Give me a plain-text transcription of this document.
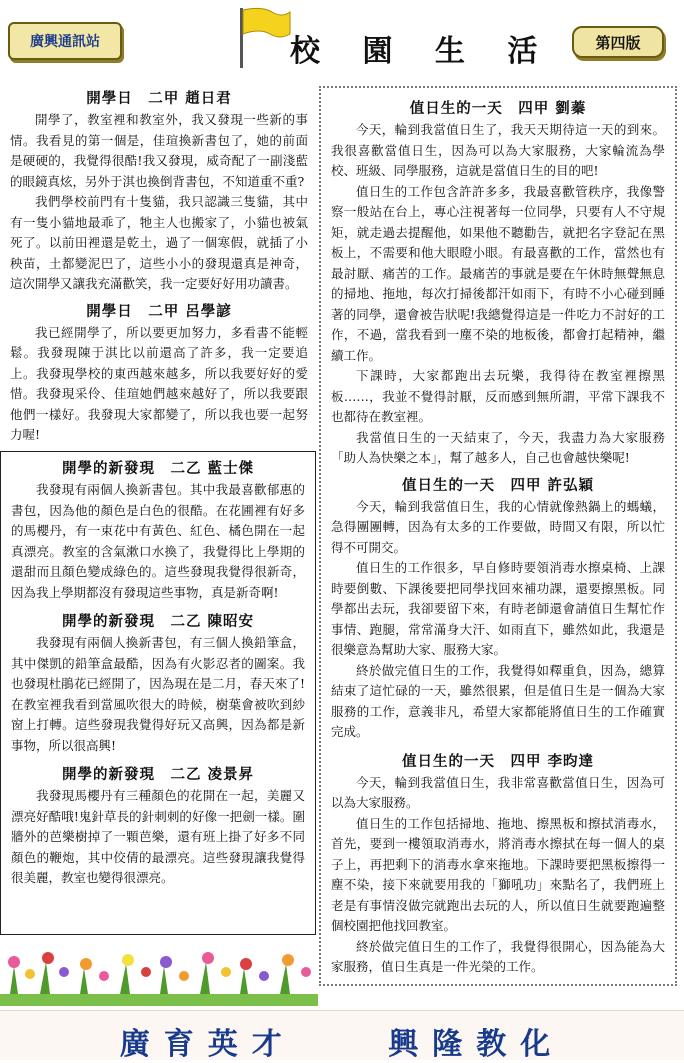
廣興通訊站	校 園 生 活	第四版
開學日　二甲 趙日君

開學了，教室裡和教室外，我又發現一些新的事情。我看見的第一個是，佳瑄換新書包了，她的前面是硬硬的，我覺得很酷!我又發現，威奇配了一副淺藍的眼鏡真炫，另外于淇也換倒背書包，不知道重不重?

我們學校前門有十隻貓，我只認識三隻貓，其中有一隻小貓地最乖了，牠主人也搬家了，小貓也被氣死了。以前田裡還是乾土，過了一個寒假，就插了小秧苗，土都變泥巴了，這些小小的發現還真是神奇，這次開學又讓我充滿歡笑，我一定要好好用功讀書。

開學日　二甲 呂學諺

我已經開學了，所以要更加努力，多看書不能輕鬆。我發現陳于淇比以前還高了許多，我一定要追上。我發現學校的東西越來越多，所以我要好好的愛惜。我發現采伶、佳瑄她們越來越好了，所以我要跟他們一樣好。我發現大家都變了，所以我也要一起努力喔!

開學的新發現　二乙 藍士傑

我發現有兩個人換新書包。其中我最喜歡郁惠的書包，因為他的顏色是白色的很酷。在花圃裡有好多的馬櫻丹，有一束花中有黃色、紅色、橘色開在一起真漂亮。教室的含氣漱口水換了，我覺得比上學期的還甜而且顏色變成綠色的。這些發現我覺得很新奇，因為我上學期都沒有發現這些事物，真是新奇啊!

開學的新發現　二乙 陳昭安

我發現有兩個人換新書包，有三個人換鉛筆盒，其中傑凱的鉛筆盒最酷，因為有火影忍者的圖案。我也發現杜鵑花已經開了，因為現在是二月，春天來了!在教室裡我看到當風吹很大的時候，樹葉會被吹到紗窗上打轉。這些發現我覺得好玩又高興，因為都是新事物，所以很高興!

開學的新發現　二乙 凌景昇

我發現馬櫻丹有三種顏色的花開在一起，美麗又漂亮好酷哦!鬼針草長的針刺刺的好像一把劍一樣。圍牆外的芭樂樹掉了一顆芭樂，還有班上掛了好多不同顏色的鞭炮，其中佼倩的最漂亮。這些發現讓我覺得很美麗，教室也變得很漂亮。

值日生的一天　四甲 劉蓁

今天，輪到我當值日生了，我天天期待這一天的到來。我很喜歡當值日生，因為可以為大家服務，大家輪流為學校、班級、同學服務，這就是當值日生的目的吧!

值日生的工作包含許許多多，我最喜歡管秩序，我像警察一般站在台上，專心注視著每一位同學，只要有人不守規矩，就走過去提醒他，如果他不聽勸告，就把名字登記在黑板上，不需要和他大眼瞪小眼。有最喜歡的工作，當然也有最討厭、痛苦的工作。最痛苦的事就是要在午休時無聲無息的掃地、拖地，每次打掃後都汗如雨下，有時不小心碰到睡著的同學，還會被告狀呢!我總覺得這是一件吃力不討好的工作，不過，當我看到一塵不染的地板後，都會打起精神，繼續工作。

下課時，大家都跑出去玩樂，我得待在教室裡擦黑板……，我並不覺得討厭，反而感到無所謂，平常下課我不也都待在教室裡。

我當值日生的一天結束了，今天，我盡力為大家服務「助人為快樂之本」，幫了越多人，自己也會越快樂呢!

值日生的一天　四甲 許弘穎

今天，輪到我當值日生，我的心情就像熱鍋上的螞蟻，急得團團轉，因為有太多的工作要做，時間又有限，所以忙得不可開交。

值日生的工作很多，早自修時要領消毒水擦桌椅、上課時要倒數、下課後要把同學找回來補功課，還要擦黑板。同學都出去玩，我卻要留下來，有時老師還會請值日生幫忙作事情、跑腿，常常滿身大汗、如雨直下，雖然如此，我還是很樂意為幫助大家、服務大家。

終於做完值日生的工作，我覺得如釋重負，因為，總算結束了這忙碌的一天，雖然很累，但是值日生是一個為大家服務的工作，意義非凡，希望大家都能將值日生的工作確實完成。

值日生的一天　四甲 李昀達

今天，輪到我當值日生，我非常喜歡當值日生，因為可以為大家服務。

值日生的工作包括掃地、拖地、擦黑板和擦拭消毒水，首先，要到一樓領取消毒水，將消毒水擦拭在每一個人的桌子上，再把剩下的消毒水拿來拖地。下課時要把黑板擦得一塵不染，接下來就要用我的「獅吼功」來點名了，我們班上老是有事情沒做完就跑出去玩的人，所以值日生就要跑遍整個校園把他找回教室。

終於做完值日生的工作了，我覺得很開心，因為能為大家服務，值日生真是一件光榮的工作。

廣育英才	興隆教化
